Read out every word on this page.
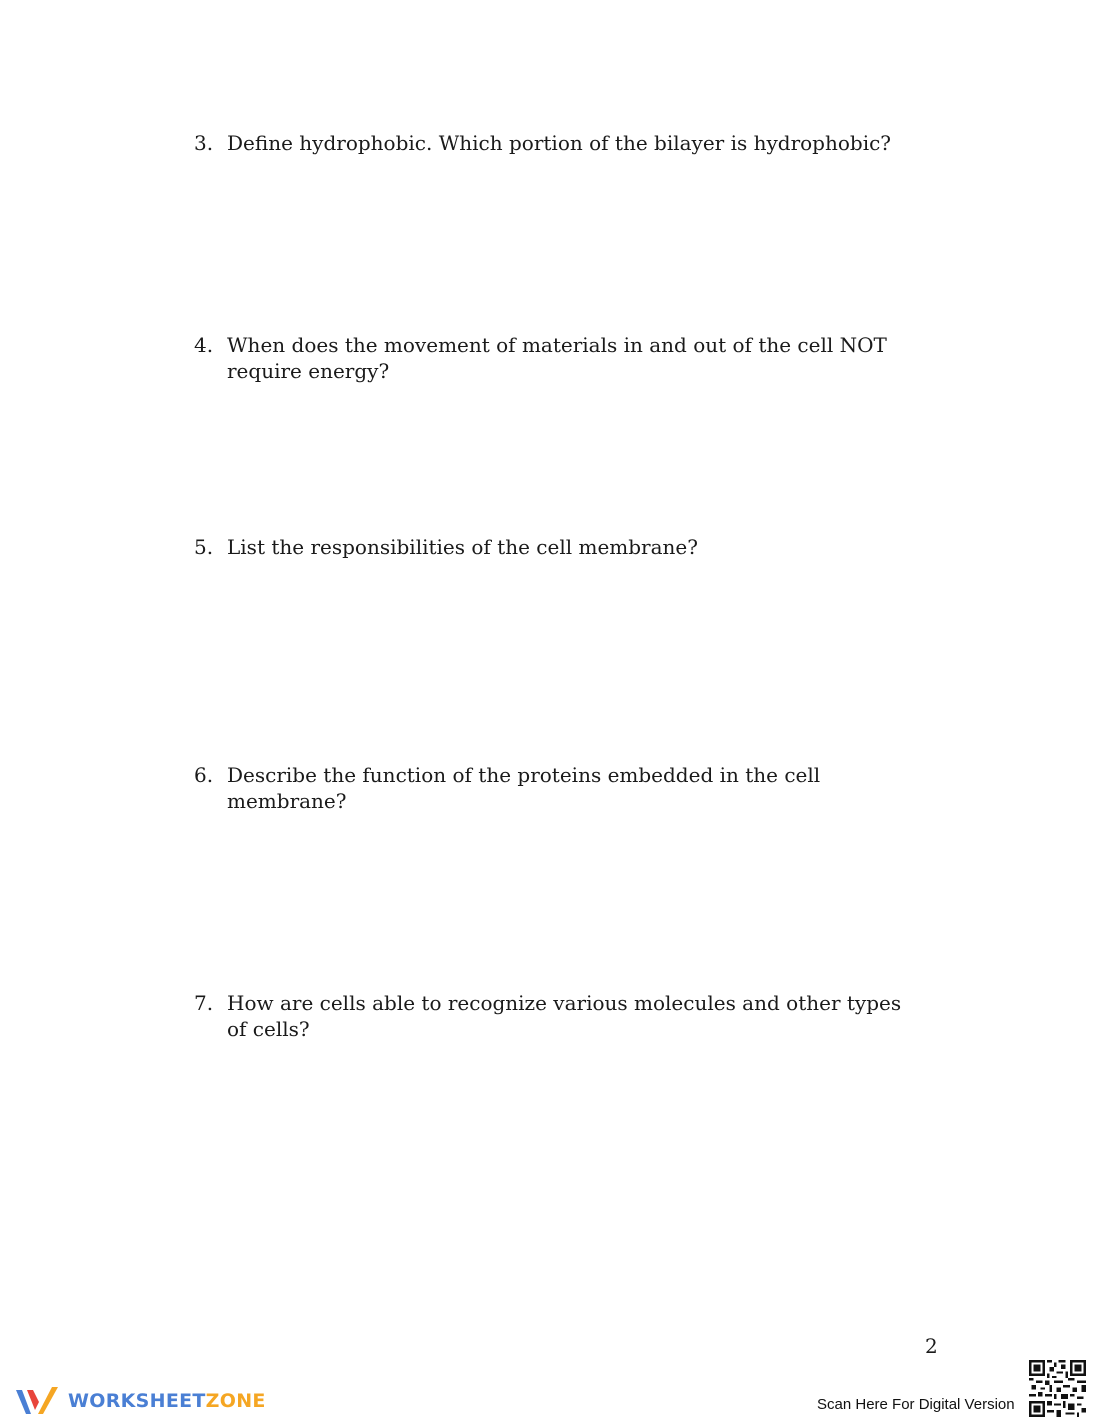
3. Define hydrophobic. Which portion of the bilayer is hydrophobic?
4. When does the movement of materials in and out of the cell NOT require energy?
5. List the responsibilities of the cell membrane?
6. Describe the function of the proteins embedded in the cell membrane?
7. How are cells able to recognize various molecules and other types of cells?
2
WORKSHEETZONE	Scan Here For Digital Version
